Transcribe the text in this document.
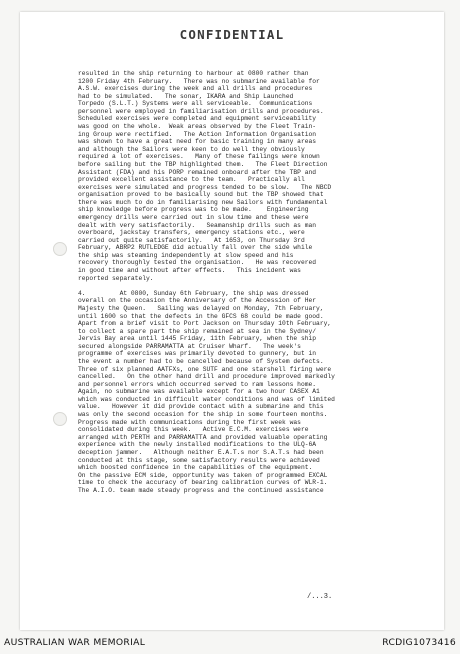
CONFIDENTIAL
resulted in the ship returning to harbour at 0800 rather than
1200 Friday 4th February.   There was no submarine available for
A.S.W. exercises during the week and all drills and procedures
had to be simulated.   The sonar, IKARA and Ship Launched
Torpedo (S.L.T.) Systems were all serviceable.  Communications
personnel were employed in familiarisation drills and procedures.
Scheduled exercises were completed and equipment serviceability
was good on the whole.  Weak areas observed by the Fleet Train-
ing Group were rectified.   The Action Information Organisation
was shown to have a great need for basic training in many areas
and although the Sailors were keen to do well they obviously
required a lot of exercises.   Many of these failings were known
before sailing but the TBP highlighted them.   The Fleet Direction
Assistant (FDA) and his PORP remained onboard after the TBP and
provided excellent assistance to the team.   Practically all
exercises were simulated and progress tended to be slow.   The NBCD
organisation proved to be basically sound but the TBP showed that
there was much to do in familiarising new Sailors with fundamental
ship knowledge before progress was to be made.    Engineering
emergency drills were carried out in slow time and these were
dealt with very satisfactorily.   Seamanship drills such as man
overboard, jackstay transfers, emergency stations etc., were
carried out quite satisfactorily.   At 1653, on Thursday 3rd
February, ABRP2 RUTLEDGE did actually fall over the side while
the ship was steaming independently at slow speed and his
recovery thoroughly tested the organisation.   He was recovered
in good time and without after effects.   This incident was
reported separately.
4.         At 0800, Sunday 6th February, the ship was dressed
overall on the occasion the Anniversary of the Accession of Her
Majesty the Queen.   Sailing was delayed on Monday, 7th February,
until 1600 so that the defects in the GFCS 68 could be made good.
Apart from a brief visit to Port Jackson on Thursday 10th February,
to collect a spare part the ship remained at sea in the Sydney/
Jervis Bay area until 1445 Friday, 11th February, when the ship
secured alongside PARRAMATTA at Cruiser Wharf.   The week's
programme of exercises was primarily devoted to gunnery, but in
the event a number had to be cancelled because of System defects.
Three of six planned AATFXs, one SUTF and one starshell firing were
cancelled.   On the other hand drill and procedure improved markedly
and personnel errors which occurred served to ram lessons home.
Again, no submarine was available except for a two hour CASEX A1
which was conducted in difficult water conditions and was of limited
value.   However it did provide contact with a submarine and this
was only the second occasion for the ship in some fourteen months.
Progress made with communications during the first week was
consolidated during this week.   Active E.C.M. exercises were
arranged with PERTH and PARRAMATTA and provided valuable operating
experience with the newly installed modifications to the ULQ-6A
deception jammer.   Although neither E.A.T.s nor S.A.T.s had been
conducted at this stage, some satisfactory results were achieved
which boosted confidence in the capabilities of the equipment.
On the passive ECM side, opportunity was taken of programmed EXCAL
time to check the accuracy of bearing calibration curves of WLR-1.
The A.I.O. team made steady progress and the continued assistance
/...3.
AUSTRALIAN WAR MEMORIAL	RCDIG1073416
